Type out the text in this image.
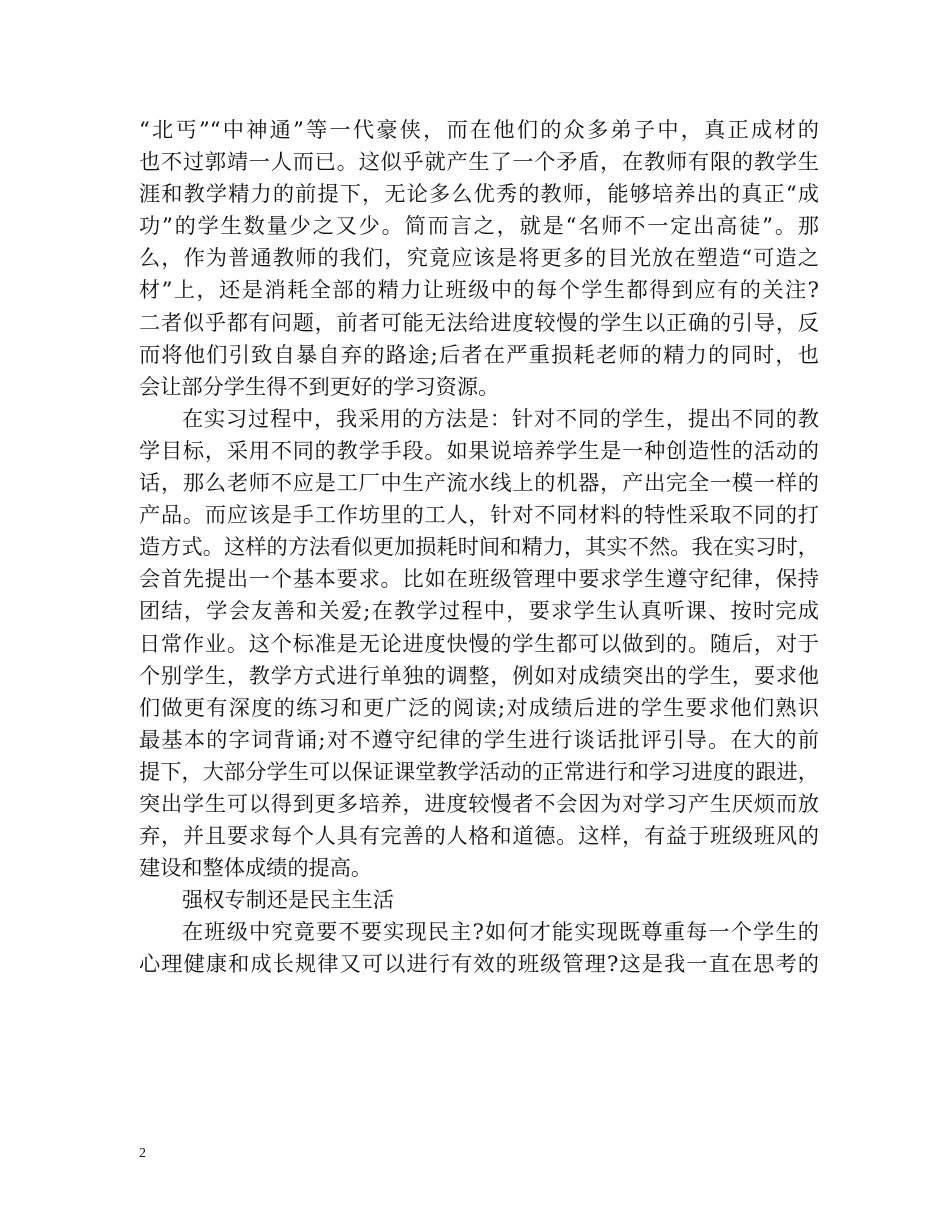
“北丐”“中神通”等一代豪侠，而在他们的众多弟子中，真正成材的
也不过郭靖一人而已。这似乎就产生了一个矛盾，在教师有限的教学生
涯和教学精力的前提下，无论多么优秀的教师，能够培养出的真正“成
功”的学生数量少之又少。简而言之，就是“名师不一定出高徒”。那
么，作为普通教师的我们，究竟应该是将更多的目光放在塑造“可造之
材”上，还是消耗全部的精力让班级中的每个学生都得到应有的关注?
二者似乎都有问题，前者可能无法给进度较慢的学生以正确的引导，反
而将他们引致自暴自弃的路途;后者在严重损耗老师的精力的同时，也
会让部分学生得不到更好的学习资源。
在实习过程中，我采用的方法是：针对不同的学生，提出不同的教
学目标，采用不同的教学手段。如果说培养学生是一种创造性的活动的
话，那么老师不应是工厂中生产流水线上的机器，产出完全一模一样的
产品。而应该是手工作坊里的工人，针对不同材料的特性采取不同的打
造方式。这样的方法看似更加损耗时间和精力，其实不然。我在实习时，
会首先提出一个基本要求。比如在班级管理中要求学生遵守纪律，保持
团结，学会友善和关爱;在教学过程中，要求学生认真听课、按时完成
日常作业。这个标准是无论进度快慢的学生都可以做到的。随后，对于
个别学生，教学方式进行单独的调整，例如对成绩突出的学生，要求他
们做更有深度的练习和更广泛的阅读;对成绩后进的学生要求他们熟识
最基本的字词背诵;对不遵守纪律的学生进行谈话批评引导。在大的前
提下，大部分学生可以保证课堂教学活动的正常进行和学习进度的跟进，
突出学生可以得到更多培养，进度较慢者不会因为对学习产生厌烦而放
弃，并且要求每个人具有完善的人格和道德。这样，有益于班级班风的
建设和整体成绩的提高。
强权专制还是民主生活
在班级中究竟要不要实现民主?如何才能实现既尊重每一个学生的
心理健康和成长规律又可以进行有效的班级管理?这是我一直在思考的
2
